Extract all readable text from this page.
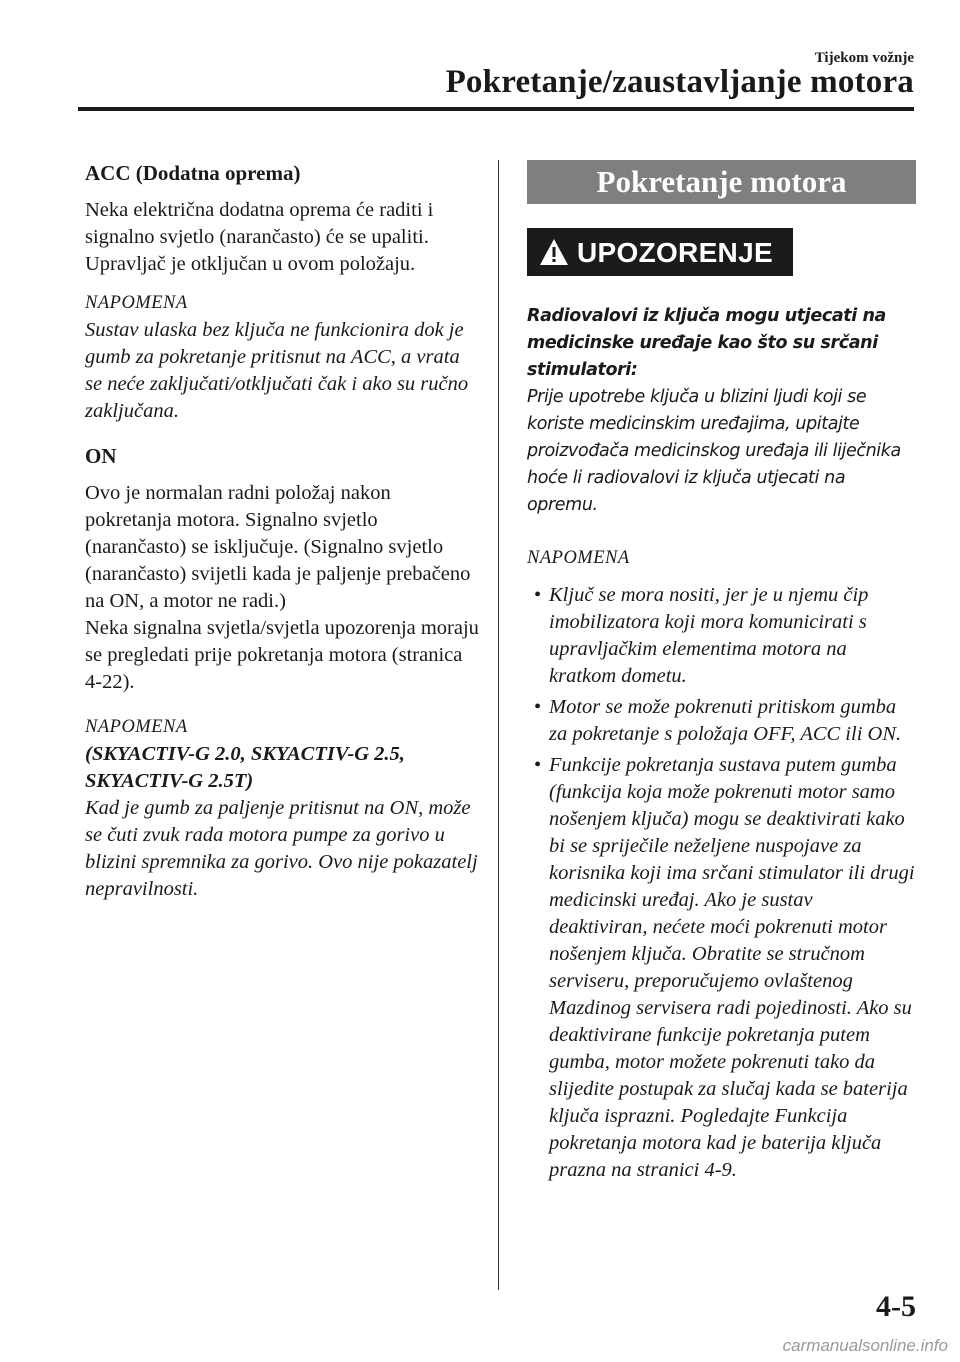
Tijekom vožnje
Pokretanje/zaustavljanje motora

ACC (Dodatna oprema)

Neka električna dodatna oprema će raditi i signalno svjetlo (narančasto) će se upaliti. Upravljač je otključan u ovom položaju.

NAPOMENA

Sustav ulaska bez ključa ne funkcionira dok je gumb za pokretanje pritisnut na ACC, a vrata se neće zaključati/otključati čak i ako su ručno zaključana.

ON

Ovo je normalan radni položaj nakon pokretanja motora. Signalno svjetlo (narančasto) se isključuje. (Signalno svjetlo (narančasto) svijetli kada je paljenje prebačeno na ON, a motor ne radi.)

Neka signalna svjetla/svjetla upozorenja moraju se pregledati prije pokretanja motora (stranica 4-22).

NAPOMENA

(SKYACTIV-G 2.0, SKYACTIV-G 2.5, SKYACTIV-G 2.5T)

Kad je gumb za paljenje pritisnut na ON, može se čuti zvuk rada motora pumpe za gorivo u blizini spremnika za gorivo. Ovo nije pokazatelj nepravilnosti.

Pokretanje motora
UPOZORENJE

Radiovalovi iz ključa mogu utjecati na medicinske uređaje kao što su srčani stimulatori:

Prije upotrebe ključa u blizini ljudi koji se koriste medicinskim uređajima, upitajte proizvođača medicinskog uređaja ili liječnika hoće li radiovalovi iz ključa utjecati na opremu.

NAPOMENA

• Ključ se mora nositi, jer je u njemu čip imobilizatora koji mora komunicirati s upravljačkim elementima motora na kratkom dometu.
• Motor se može pokrenuti pritiskom gumba za pokretanje s položaja OFF, ACC ili ON.
• Funkcije pokretanja sustava putem gumba (funkcija koja može pokrenuti motor samo nošenjem ključa) mogu se deaktivirati kako bi se spriječile neželjene nuspojave za korisnika koji ima srčani stimulator ili drugi medicinski uređaj. Ako je sustav deaktiviran, nećete moći pokrenuti motor nošenjem ključa. Obratite se stručnom serviseru, preporučujemo ovlaštenog Mazdinog servisera radi pojedinosti. Ako su deaktivirane funkcije pokretanja putem gumba, motor možete pokrenuti tako da slijedite postupak za slučaj kada se baterija ključa isprazni. Pogledajte Funkcija pokretanja motora kad je baterija ključa prazna na stranici 4-9.
4-5
carmanualsonline.info
